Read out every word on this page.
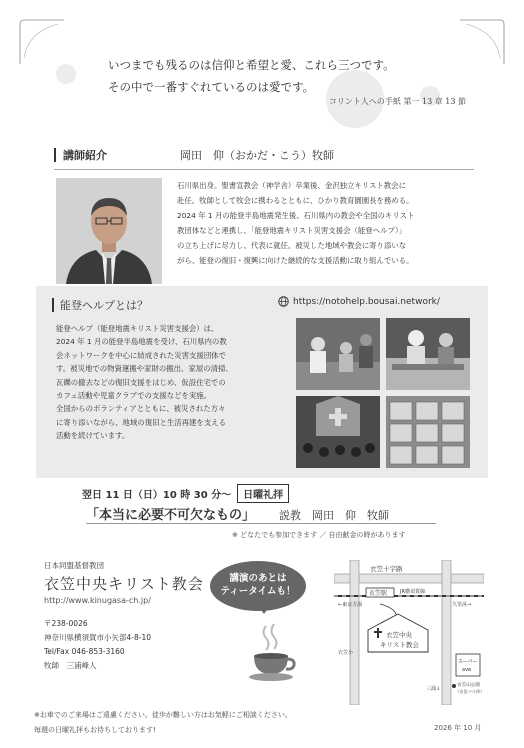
いつまでも残るのは信仰と希望と愛、これら三つです。

その中で一番すぐれているのは愛です。

コリント人への手紙 第一 13 章 13 節
講師紹介	岡田　仰（おかだ・こう）牧師
石川県出身。聖書宣教会（神学舎）卒業後、金沢独立キリスト教会に
赴任。牧師として牧会に携わるとともに、ひかり教育園園長を務める。
2024 年 1 月の能登半島地震発生後、石川県内の教会や全国のキリスト
教団体などと連携し、「能登地震キリスト災害支援会（能登ヘルプ）」
の立ち上げに尽力し、代表に就任。被災した地域や教会に寄り添いな
がら、能登の復旧・復興に向けた継続的な支援活動に取り組んでいる。
能登ヘルプとは？	https://notohelp.bousai.network/
能登ヘルプ（能登地震キリスト災害支援会）は、
2024 年 1 月の能登半島地震を受け、石川県内の教
会ネットワークを中心に結成された災害支援団体で
す。被災地での物資運搬や家財の搬出、家屋の清掃、
瓦礫の撤去などの復旧支援をはじめ、仮設住宅での
カフェ活動や児童クラブでの支援などを実施。
全国からのボランティアとともに、被災された方々
に寄り添いながら、地域の復旧と生活再建を支える
活動を続けています。
翌日 11 日（日）10 時 30 分～ 日曜礼拝
「本当に必要不可欠なもの」 説教　岡田　仰　牧師
※ どなたでも参加できます ／ 自由献金の時があります
日本同盟基督教団
衣笠中央キリスト教会
http://www.kinugasa-ch.jp/
〒238-0026
神奈川県横須賀市小矢部4-8-10
Tel/Fax 046-853-3160
牧師　三浦峰人
講演のあとは
ティータイムも！
衣笠十字路
衣笠駅	JR横須賀線
←東京方面	久里浜→
衣笠中央
キリスト教会
衣笠小
スーパー
ave
衣笠山公園
（京急バス停）
三浦↓
※お車でのご来場はご遠慮ください。徒歩が難しい方はお気軽にご相談ください。
毎週の日曜礼拝もお待ちしております!	2026 年 10 月
